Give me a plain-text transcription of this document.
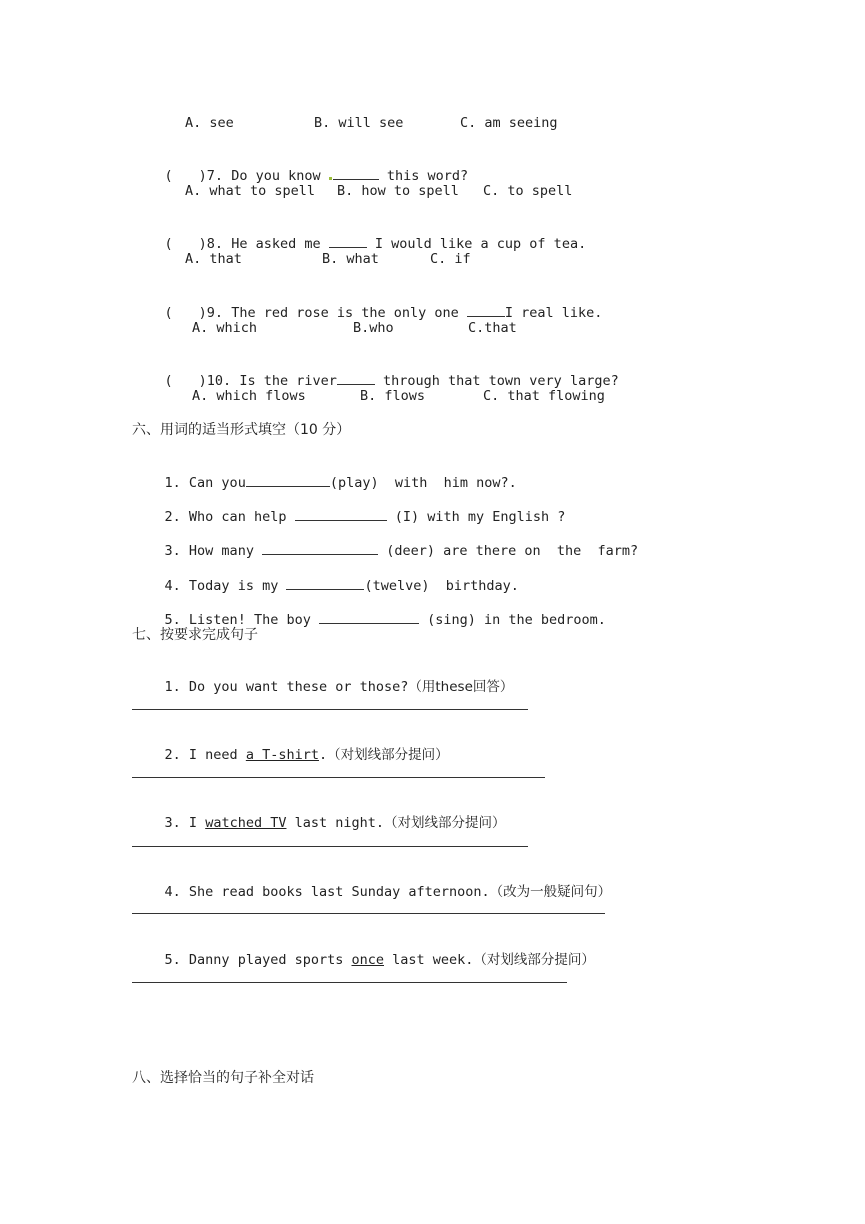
A. see	B. will see	C. am seeing

( )7. Do you know	this word?

A. what to spell B. how to spell C. to spell

( )8. He asked me	I would like a cup of tea.

A. that	B. what	C. if

( )9. The red rose is the only one	I real like.

A. which	B.who	C.that

( )10. Is the river	through that town very large?

A. which flows	B. flows	C. that flowing
六、用词的适当形式填空（10 分）

1. Can you	(play)  with  him now?.

2. Who can help	(I) with my English ?

3. How many	(deer) are there on  the  farm?

4. Today is my	(twelve)  birthday.

5. Listen! The boy	(sing) in the bedroom.

七、按要求完成句子

1. Do you want these or those?（用these回答）

2. I need a T-shirt.（对划线部分提问）

3. I watched TV last night.（对划线部分提问）

4. She read books last Sunday afternoon.（改为一般疑问句）

5. Danny played sports once last week.（对划线部分提问）

八、选择恰当的句子补全对话
